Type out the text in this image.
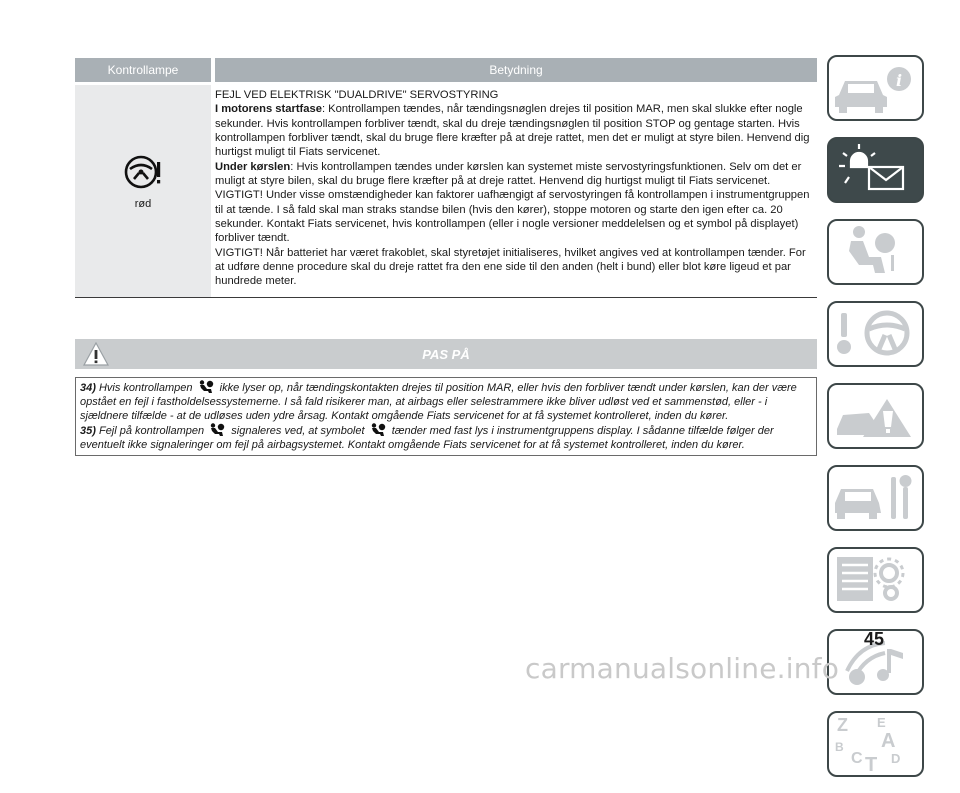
Kontrollampe	Betydning
rød

FEJL VED ELEKTRISK "DUALDRIVE" SERVOSTYRING

I motorens startfase: Kontrollampen tændes, når tændingsnøglen drejes til position MAR, men skal slukke efter nogle sekunder. Hvis kontrollampen forbliver tændt, skal du dreje tændingsnøglen til position STOP og gentage starten. Hvis kontrollampen forbliver tændt, skal du bruge flere kræfter på at dreje rattet, men det er muligt at styre bilen. Henvend dig hurtigst muligt til Fiats servicenet.

Under kørslen: Hvis kontrollampen tændes under kørslen kan systemet miste servostyringsfunktionen. Selv om det er muligt at styre bilen, skal du bruge flere kræfter på at dreje rattet. Henvend dig hurtigst muligt til Fiats servicenet.

VIGTIGT! Under visse omstændigheder kan faktorer uafhængigt af servostyringen få kontrollampen i instrumentgruppen til at tænde. I så fald skal man straks standse bilen (hvis den kører), stoppe motoren og starte den igen efter ca. 20 sekunder. Kontakt Fiats servicenet, hvis kontrollampen (eller i nogle versioner meddelelsen og et symbol på displayet) forbliver tændt.

VIGTIGT! Når batteriet har været frakoblet, skal styretøjet initialiseres, hvilket angives ved at kontrollampen tænder. For at udføre denne procedure skal du dreje rattet fra den ene side til den anden (helt i bund) eller blot køre ligeud et par hundrede meter.

PAS PÅ

34) Hvis kontrollampen ikke lyser op, når tændingskontakten drejes til position MAR, eller hvis den forbliver tændt under kørslen, kan der være opstået en fejl i fastholdelsessystemerne. I så fald risikerer man, at airbags eller selestrammere ikke bliver udløst ved et sammenstød, eller - i sjældnere tilfælde - at de udløses uden ydre årsag. Kontakt omgående Fiats servicenet for at få systemet kontrolleret, inden du kører.

35) Fejl på kontrollampen signaleres ved, at symbolet tænder med fast lys i instrumentgruppens display. I sådanne tilfælde følger der eventuelt ikke signaleringer om fejl på airbagsystemet. Kontakt omgående Fiats servicenet for at få systemet kontrolleret, inden du kører.

i
Z E
A
B
C T D
45
carmanualsonline.info
